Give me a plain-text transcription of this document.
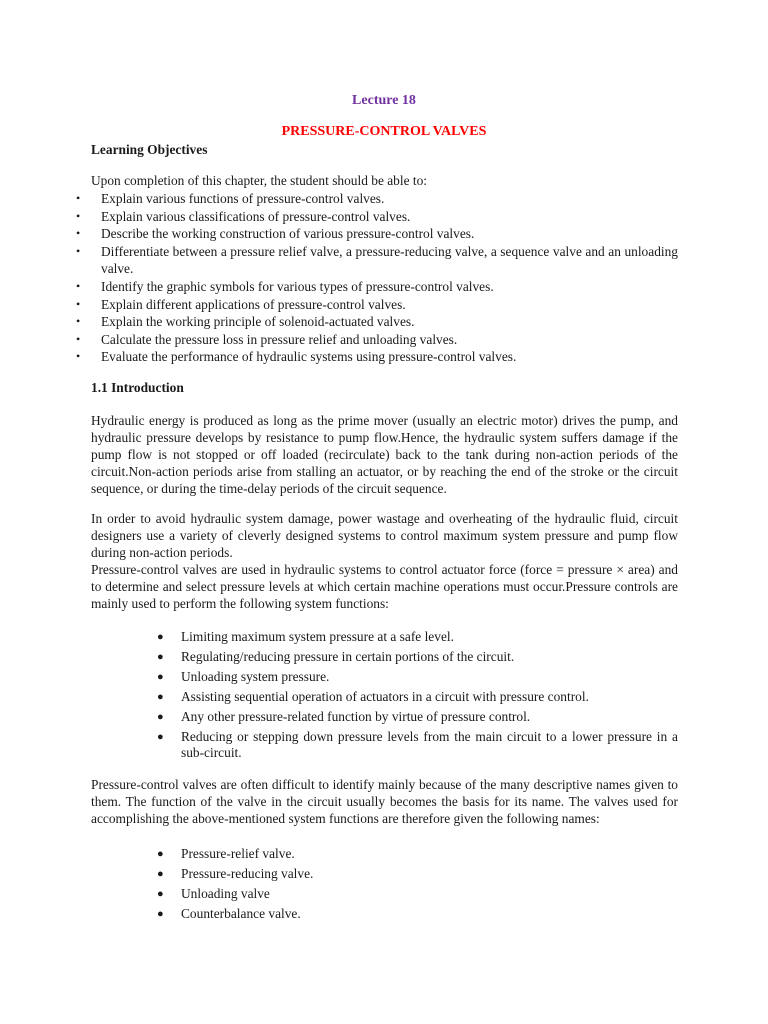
Lecture 18
PRESSURE-CONTROL VALVES
Learning Objectives
Upon completion of this chapter, the student should be able to:
• Explain various functions of pressure-control valves.
• Explain various classifications of pressure-control valves.
• Describe the working construction of various pressure-control valves.
• Differentiate between a pressure relief valve, a pressure-reducing valve, a sequence valve and an unloading valve.
• Identify the graphic symbols for various types of pressure-control valves.
• Explain different applications of pressure-control valves.
• Explain the working principle of solenoid-actuated valves.
• Calculate the pressure loss in pressure relief and unloading valves.
• Evaluate the performance of hydraulic systems using pressure-control valves.
1.1 Introduction
Hydraulic energy is produced as long as the prime mover (usually an electric motor) drives the pump, and hydraulic pressure develops by resistance to pump flow.Hence, the hydraulic system suffers damage if the pump flow is not stopped or off loaded (recirculate) back to the tank during non-action periods of the circuit.Non-action periods arise from stalling an actuator, or by reaching the end of the stroke or the circuit sequence, or during the time-delay periods of the circuit sequence.
In order to avoid hydraulic system damage, power wastage and overheating of the hydraulic fluid, circuit designers use a variety of cleverly designed systems to control maximum system pressure and pump flow during non-action periods.
Pressure-control valves are used in hydraulic systems to control actuator force (force = pressure × area) and to determine and select pressure levels at which certain machine operations must occur.Pressure controls are mainly used to perform the following system functions:
● Limiting maximum system pressure at a safe level.
● Regulating/reducing pressure in certain portions of the circuit.
● Unloading system pressure.
● Assisting sequential operation of actuators in a circuit with pressure control.
● Any other pressure-related function by virtue of pressure control.
● Reducing or stepping down pressure levels from the main circuit to a lower pressure in a sub-circuit.
Pressure-control valves are often difficult to identify mainly because of the many descriptive names given to them. The function of the valve in the circuit usually becomes the basis for its name. The valves used for accomplishing the above-mentioned system functions are therefore given the following names:
● Pressure-relief valve.
● Pressure-reducing valve.
● Unloading valve
● Counterbalance valve.
